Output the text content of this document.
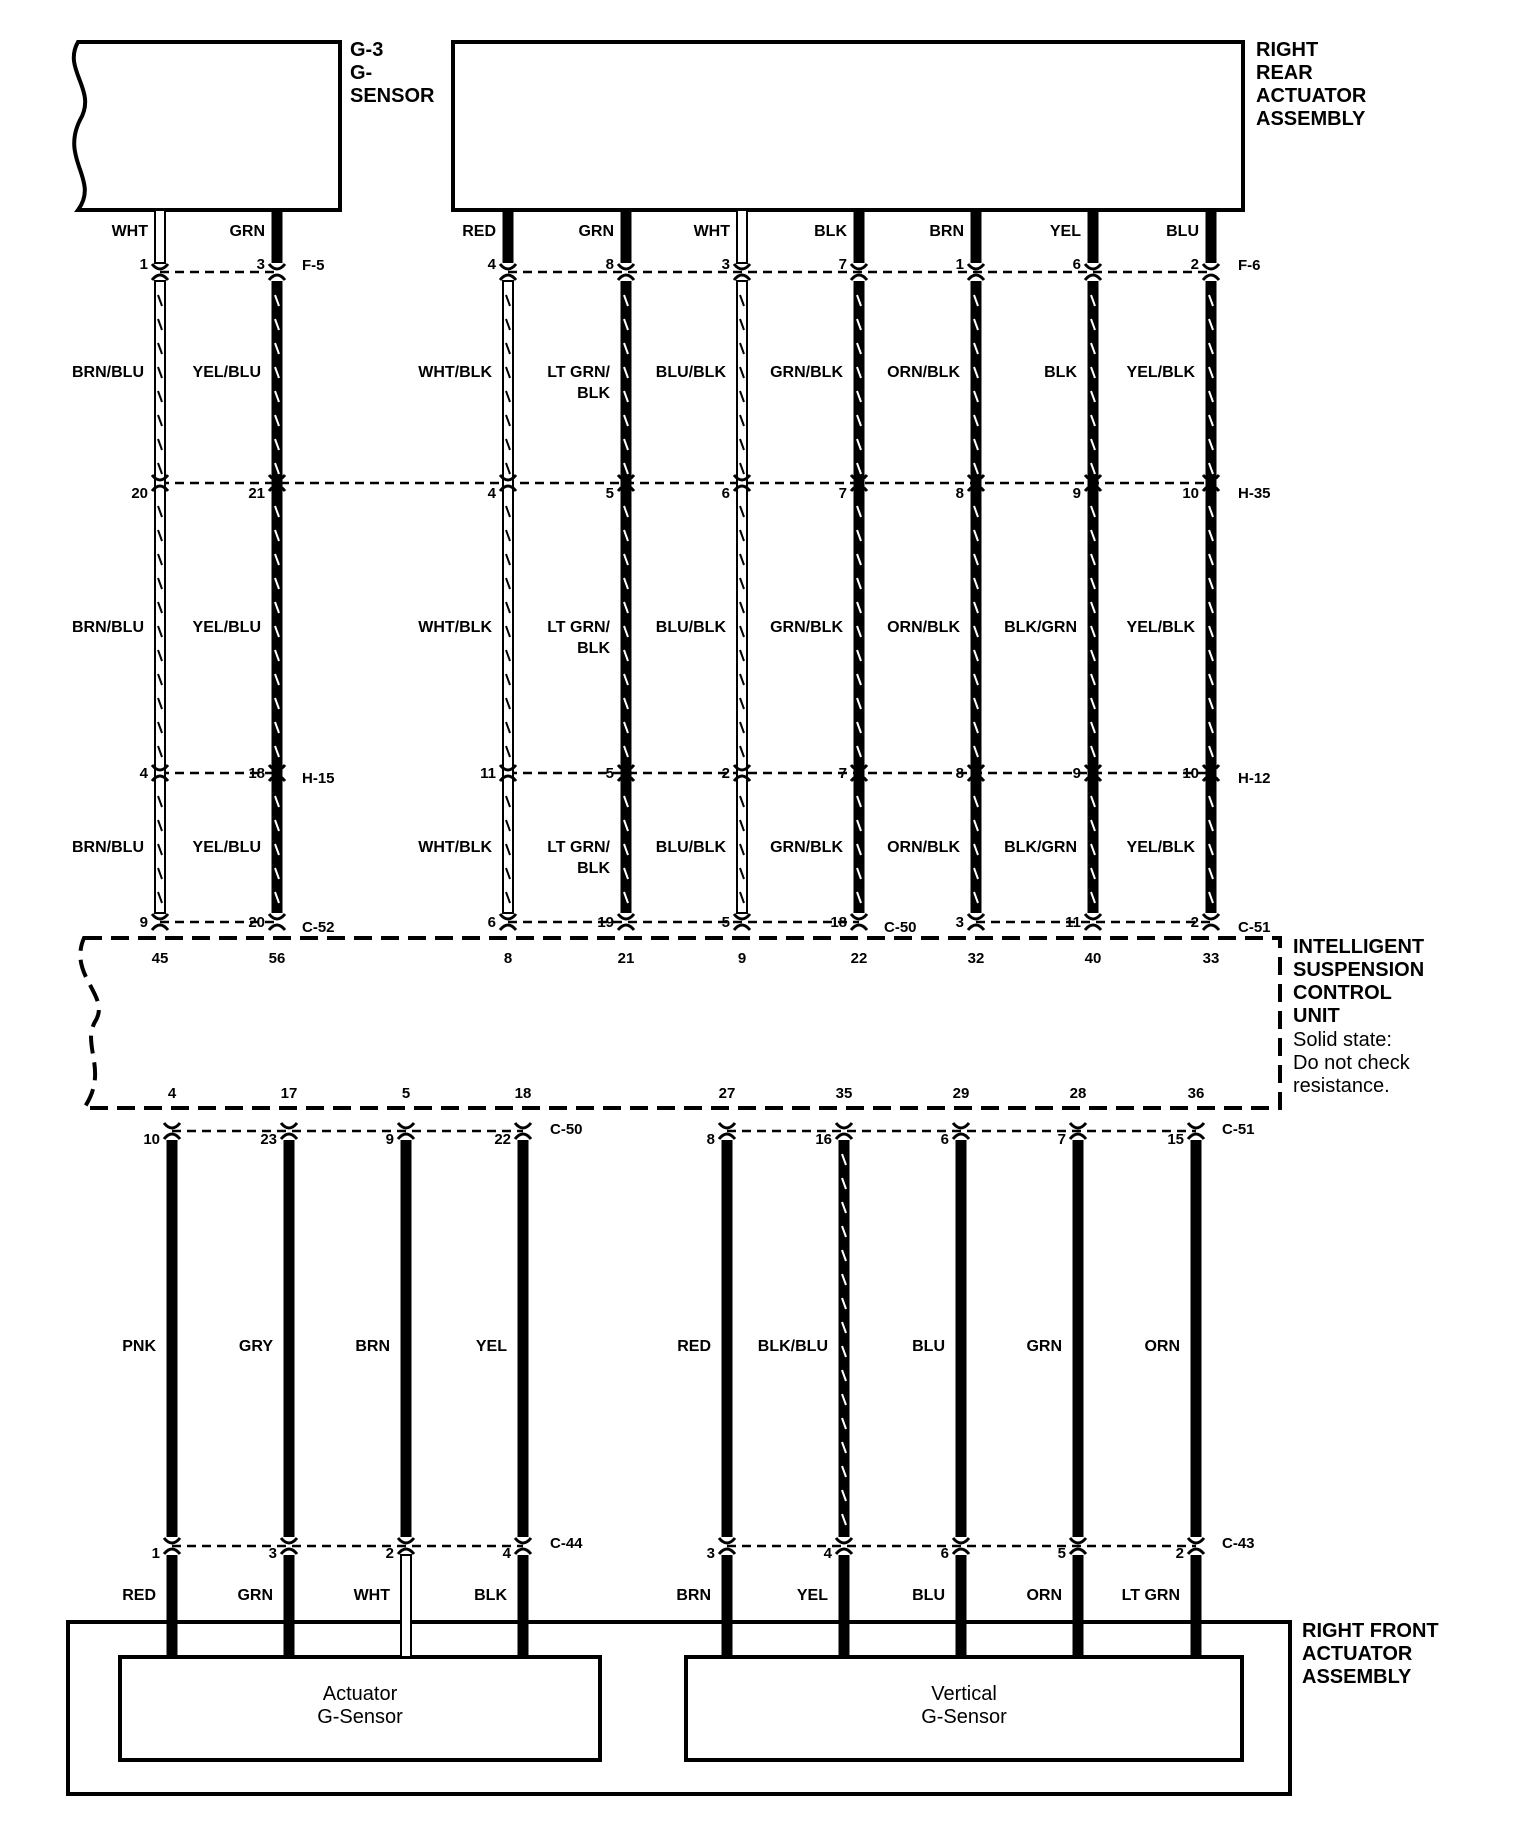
G-3
G-
SENSOR
RIGHT
REAR
ACTUATOR
ASSEMBLY
INTELLIGENT
SUSPENSION
CONTROL
UNIT
Solid state:
Do not check
resistance.
RIGHT FRONT
ACTUATOR
ASSEMBLY
Actuator
G-Sensor
Vertical
G-Sensor
F-5	F-6
H-35
H-15	H-12
C-52	C-50	C-51
C-50	C-51
C-44	C-43
WHT
1
20
4
9
45
BRN/BLU
BRN/BLU
BRN/BLU
GRN
3
21
18
20
56
YEL/BLU
YEL/BLU
YEL/BLU
RED
4
4
11
6
8
WHT/BLK
WHT/BLK
WHT/BLK
GRN
8
5
5
19
21
LT GRN/
BLK
LT GRN/
BLK
LT GRN/
BLK
WHT
3
6
2
5
9
BLU/BLK
BLU/BLK
BLU/BLK
BLK
7
7
7
18
22
GRN/BLK
GRN/BLK
GRN/BLK
BRN
1
8
8
3
32
ORN/BLK
ORN/BLK
ORN/BLK
YEL
6
9
9
11
40
BLK
BLK/GRN
BLK/GRN
BLU
2
10
10
2
33
YEL/BLK
YEL/BLK
YEL/BLK
4
10
PNK
1
RED
17
23
GRY
3
GRN
5
9
BRN
2
WHT
18
22
YEL
4
BLK
27
8
RED
3
BRN
35
16
BLK/BLU
4
YEL
29
6
BLU
6
BLU
28
7
GRN
5
ORN
36
15
ORN
2
LT GRN
